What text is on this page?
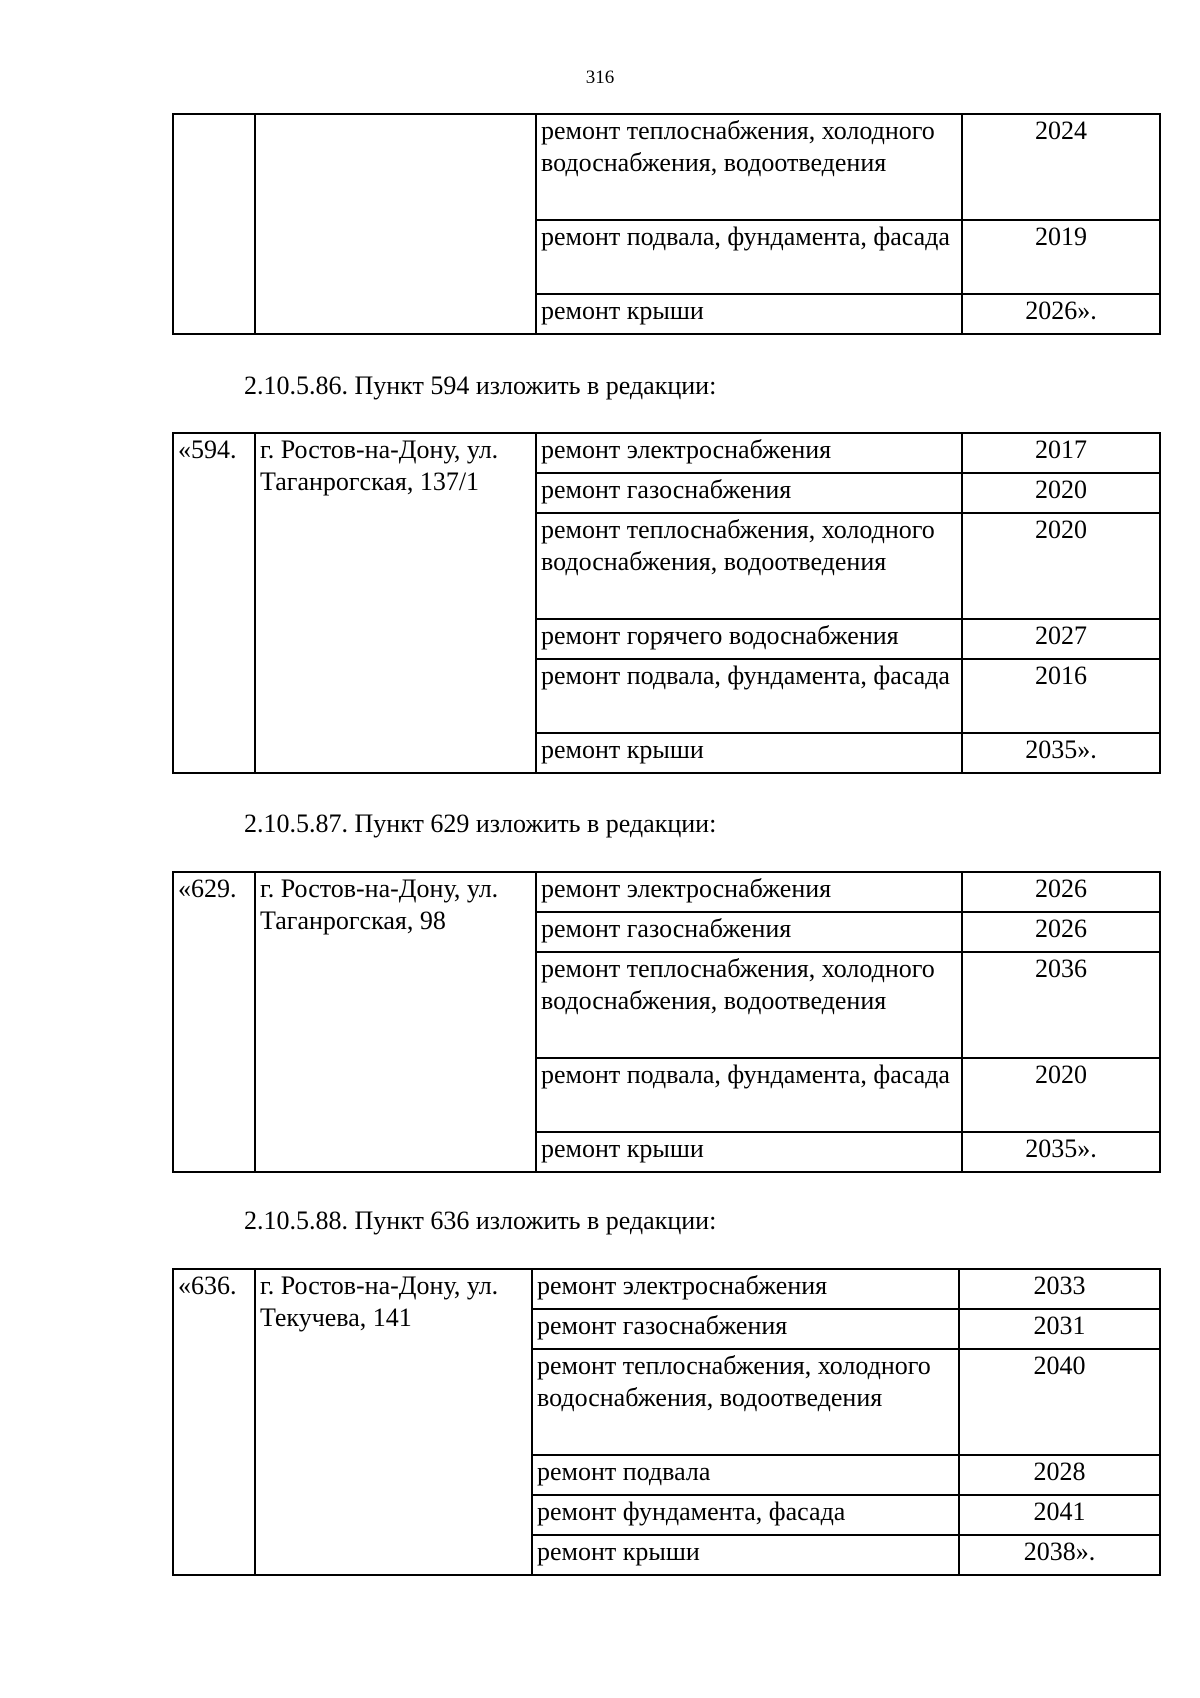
316
		ремонт теплоснабжения, холодного водоснабжения, водоотведения	2024
		ремонт подвала, фундамента, фасада	2019
		ремонт крыши	2026».
2.10.5.86. Пункт 594 изложить в редакции:
«594.	г. Ростов-на-Дону, ул. Таганрогская, 137/1	ремонт электроснабжения	2017
		ремонт газоснабжения	2020
		ремонт теплоснабжения, холодного водоснабжения, водоотведения	2020
		ремонт горячего водоснабжения	2027
		ремонт подвала, фундамента, фасада	2016
		ремонт крыши	2035».
2.10.5.87. Пункт 629 изложить в редакции:
«629.	г. Ростов-на-Дону, ул. Таганрогская, 98	ремонт электроснабжения	2026
		ремонт газоснабжения	2026
		ремонт теплоснабжения, холодного водоснабжения, водоотведения	2036
		ремонт подвала, фундамента, фасада	2020
		ремонт крыши	2035».
2.10.5.88. Пункт 636 изложить в редакции:
«636.	г. Ростов-на-Дону, ул. Текучева, 141	ремонт электроснабжения	2033
		ремонт газоснабжения	2031
		ремонт теплоснабжения, холодного водоснабжения, водоотведения	2040
		ремонт подвала	2028
		ремонт фундамента, фасада	2041
		ремонт крыши	2038».
